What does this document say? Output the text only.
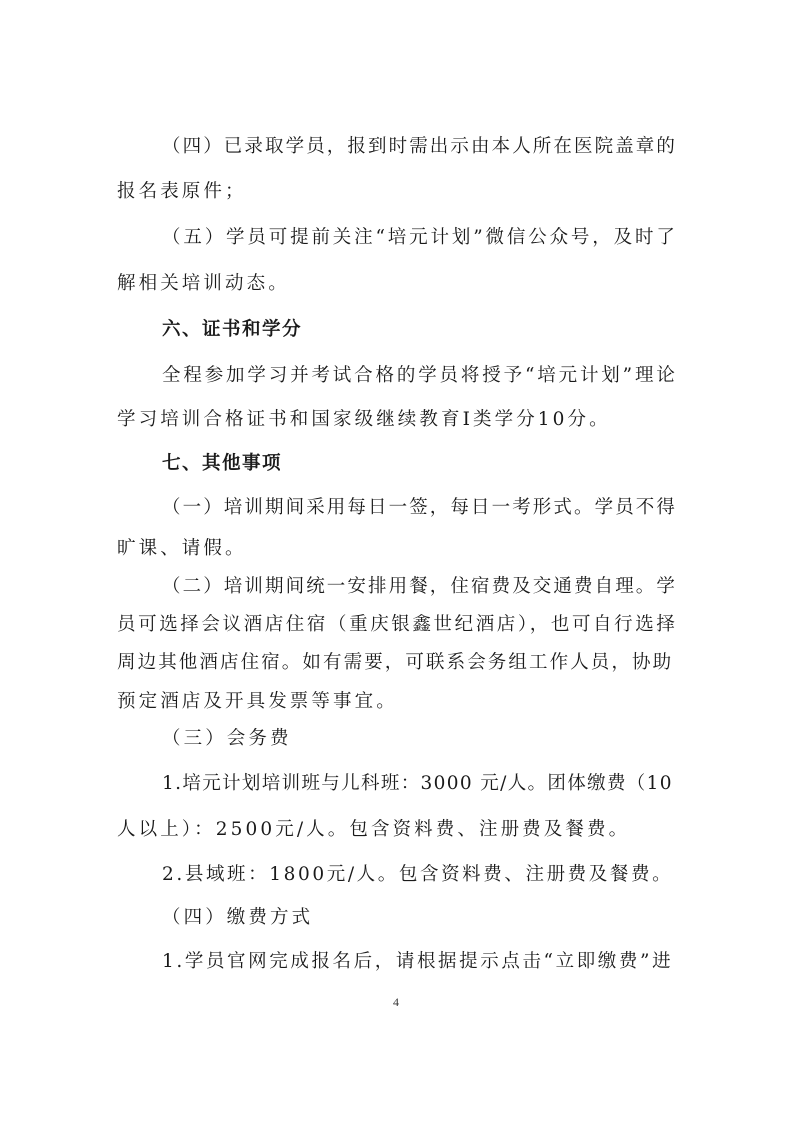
（四）已录取学员，报到时需出示由本人所在医院盖章的
报名表原件；
（五）学员可提前关注“培元计划”微信公众号，及时了
解相关培训动态。
六、证书和学分
全程参加学习并考试合格的学员将授予“培元计划”理论
学习培训合格证书和国家级继续教育Ⅰ类学分10分。
七、其他事项
（一）培训期间采用每日一签，每日一考形式。学员不得
旷课、请假。
（二）培训期间统一安排用餐，住宿费及交通费自理。学
员可选择会议酒店住宿（重庆银鑫世纪酒店），也可自行选择
周边其他酒店住宿。如有需要，可联系会务组工作人员，协助
预定酒店及开具发票等事宜。
（三）会务费
1.培元计划培训班与儿科班：3000 元/人。团体缴费（10
人以上）：2500元/人。包含资料费、注册费及餐费。
2.县域班：1800元/人。包含资料费、注册费及餐费。
（四）缴费方式
1.学员官网完成报名后，请根据提示点击“立即缴费”进
4
